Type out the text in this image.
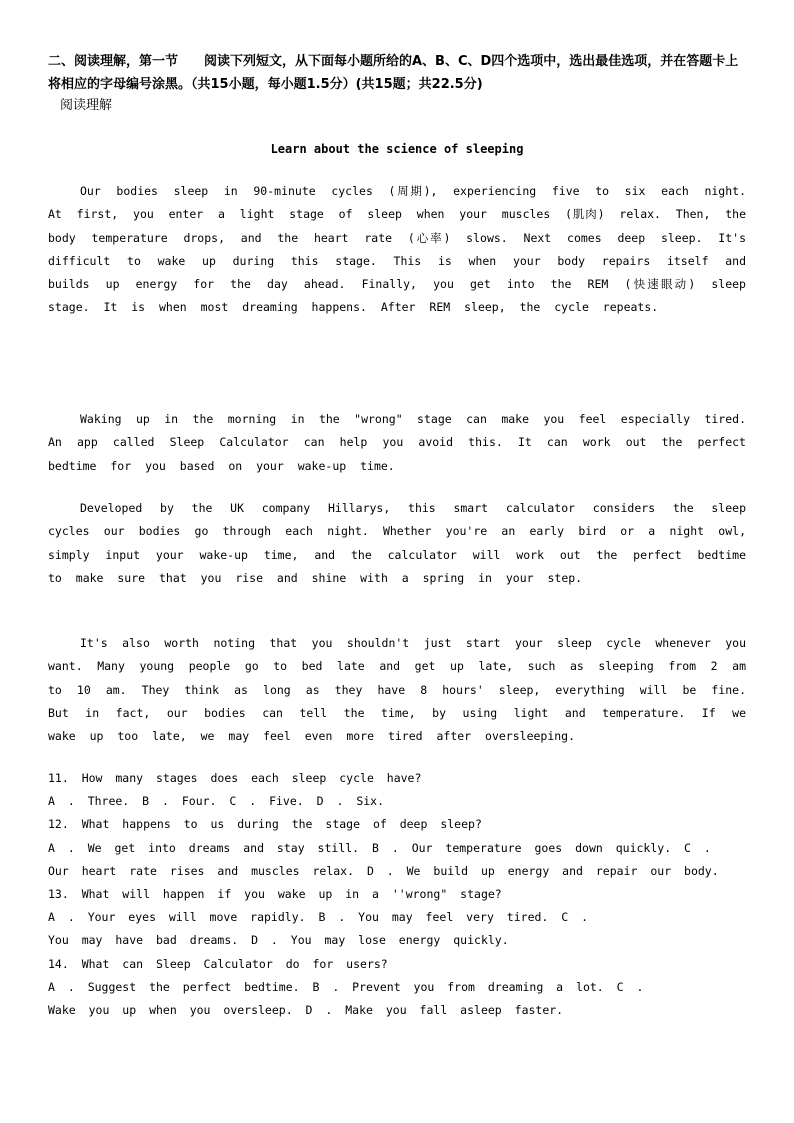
二、阅读理解，第一节　　阅读下列短文，从下面每小题所给的A、B、C、D四个选项中，选出最佳选项，并在答题卡上将相应的字母编号涂黑。（共15小题，每小题1.5分）(共15题；共22.5分)
阅读理解
Learn about the science of sleeping
Our bodies sleep in 90-minute cycles (周期), experiencing five to six each night. At first, you enter a light stage of sleep when your muscles (肌肉) relax. Then, the body temperature drops, and the heart rate (心率) slows. Next comes deep sleep. It's difficult to wake up during this stage. This is when your body repairs itself and builds up energy for the day ahead. Finally, you get into the REM (快速眼动) sleep stage. It is when most dreaming happens. After REM sleep, the cycle repeats.
Waking up in the morning in the "wrong" stage can make you feel especially tired. An app called Sleep Calculator can help you avoid this. It can work out the perfect bedtime for you based on your wake-up time.
Developed by the UK company Hillarys, this smart calculator considers the sleep cycles our bodies go through each night. Whether you're an early bird or a night owl, simply input your wake-up time, and the calculator will work out the perfect bedtime to make sure that you rise and shine with a spring in your step.
It's also worth noting that you shouldn't just start your sleep cycle whenever you want. Many young people go to bed late and get up late, such as sleeping from 2 am to 10 am. They think as long as they have 8 hours' sleep, everything will be fine. But in fact, our bodies can tell the time, by using light and temperature. If we wake up too late, we may feel even more tired after oversleeping.
11. How many stages does each sleep cycle have?
A . Three. B . Four. C . Five. D . Six.
12. What happens to us during the stage of deep sleep?
A . We get into dreams and stay still. B . Our temperature goes down quickly. C .
Our heart rate rises and muscles relax. D . We build up energy and repair our body.
13. What will happen if you wake up in a ''wrong" stage?
A . Your eyes will move rapidly. B . You may feel very tired. C .
You may have bad dreams. D . You may lose energy quickly.
14. What can Sleep Calculator do for users?
A . Suggest the perfect bedtime. B . Prevent you from dreaming a lot. C .
Wake you up when you oversleep. D . Make you fall asleep faster.
